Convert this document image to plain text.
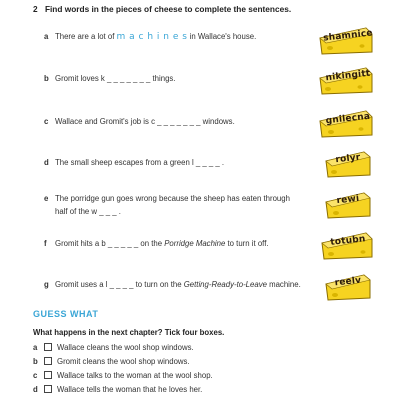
2 Find words in the pieces of cheese to complete the sentences.
a There are a lot of m a c h i n e s in Wallace's house.
b Gromit loves k _ _ _ _ _ _ _ things.
c Wallace and Gromit's job is c _ _ _ _ _ _ _ windows.
d The small sheep escapes from a green l _ _ _ _ .
e The porridge gun goes wrong because the sheep has eaten through
half of the w _ _ _ .
f Gromit hits a b _ _ _ _ _ on the Porridge Machine to turn it off.
g Gromit uses a l _ _ _ _ to turn on the Getting-Ready-to-Leave machine.
shamnice
nikingitt
gnilecna
rolyr
rewi
totubn
reelv
GUESS WHAT
What happens in the next chapter? Tick four boxes.
a	Wallace cleans the wool shop windows.
b Gromit cleans the wool shop windows.
c	Wallace talks to the woman at the wool shop.
d Wallace tells the woman that he loves her.
